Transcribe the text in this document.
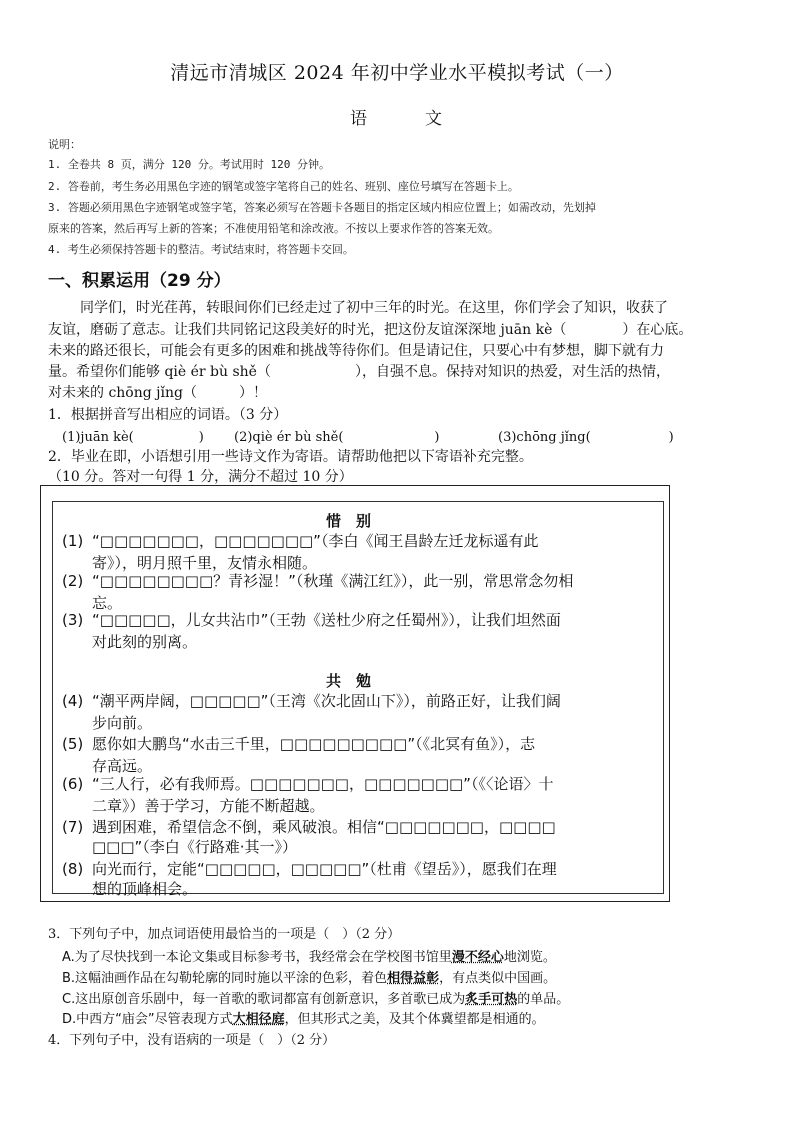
清远市清城区 2024 年初中学业水平模拟考试（一）
语	文
说明：
1. 全卷共 8 页，满分 120 分。考试用时 120 分钟。
2. 答卷前，考生务必用黑色字迹的钢笔或签字笔将自己的姓名、班别、座位号填写在答题卡上。
3. 答题必须用黑色字迹钢笔或签字笔，答案必须写在答题卡各题目的指定区域内相应位置上；如需改动，先划掉
原来的答案，然后再写上新的答案；不准使用铅笔和涂改液。不按以上要求作答的答案无效。
4. 考生必须保持答题卡的整洁。考试结束时，将答题卡交回。
一、积累运用（29 分）
同学们，时光荏苒，转眼间你们已经走过了初中三年的时光。在这里，你们学会了知识，收获了
友谊，磨砺了意志。让我们共同铭记这段美好的时光，把这份友谊深深地 juān kè（　　　　）在心底。
未来的路还很长，可能会有更多的困难和挑战等待你们。但是请记住，只要心中有梦想，脚下就有力
量。希望你们能够 qiè ér bù shě（　　　　　　），自强不息。保持对知识的热爱，对生活的热情，
对未来的 chōng jǐng（　　　）！
1．根据拼音写出相应的词语。（3 分）
(1)juān kè(　　　　　) (2)qiè ér bù shě(　　　　　　　)	(3)chōng jǐng(　　　　　　)
2．毕业在即，小语想引用一些诗文作为寄语。请帮助他把以下寄语补充完整。
（10 分。答对一句得 1 分，满分不超过 10 分）
惜　别
(1) “□□□□□□□，□□□□□□□”（李白《闻王昌龄左迁龙标遥有此
寄》），明月照千里，友情永相随。
(2) “□□□□□□□□？青衫湿！”（秋瑾《满江红》），此一别，常思常念勿相
忘。
(3) “□□□□□，儿女共沾巾”（王勃《送杜少府之任蜀州》），让我们坦然面
对此刻的别离。
共　勉
(4) “潮平两岸阔，□□□□□”（王湾《次北固山下》），前路正好，让我们阔
步向前。
(5) 愿你如大鹏鸟“水击三千里，□□□□□□□□□”（《北冥有鱼》），志
存高远。
(6) “三人行，必有我师焉。□□□□□□□，□□□□□□□”（《〈论语〉十
二章》）善于学习，方能不断超越。
(7) 遇到困难，希望信念不倒，乘风破浪。相信“□□□□□□□，□□□□
□□□”（李白《行路难·其一》）
(8) 向光而行，定能“□□□□□，□□□□□”（杜甫《望岳》），愿我们在理
想的顶峰相会。
3．下列句子中，加点词语使用最恰当的一项是（　）（2 分）
A.为了尽快找到一本论文集或目标参考书，我经常会在学校图书馆里漫不经心地浏览。
B.这幅油画作品在勾勒轮廓的同时施以平涂的色彩，着色相得益彰，有点类似中国画。
C.这出原创音乐剧中，每一首歌的歌词都富有创新意识，多首歌已成为炙手可热的单品。
D.中西方“庙会”尽管表现方式大相径庭，但其形式之美，及其个体冀望都是相通的。
4．下列句子中，没有语病的一项是（　）（2 分）
